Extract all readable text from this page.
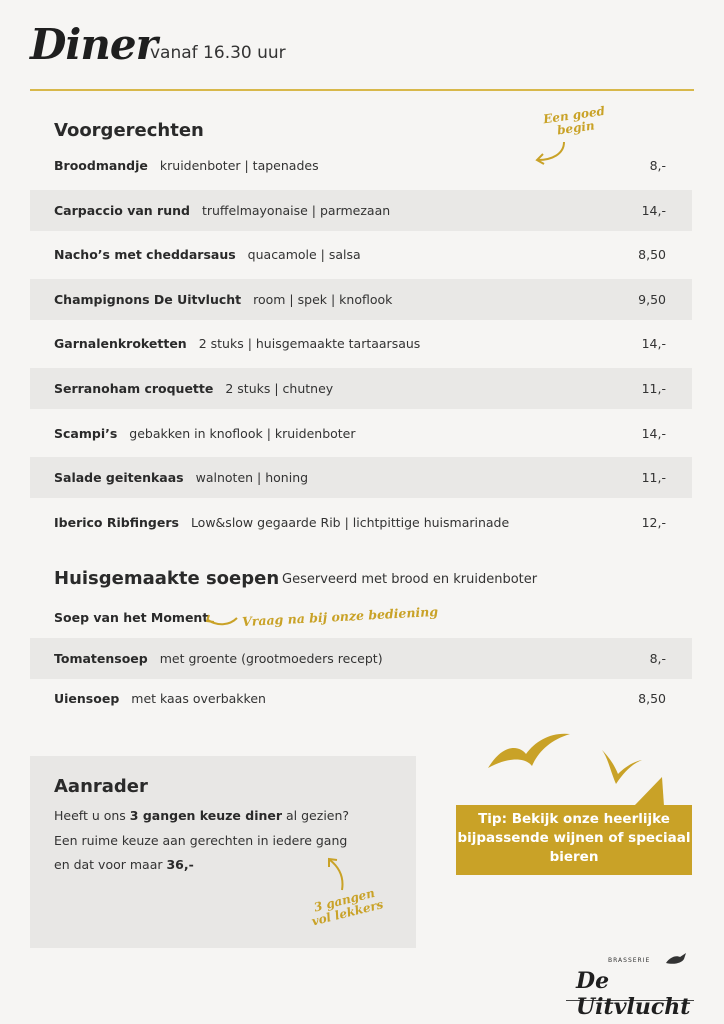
Diner
vanaf 16.30 uur
Voorgerechten
Een goed begin
Broodmandje kruidenboter | tapenades	8,-
Carpaccio van rund truffelmayonaise | parmezaan	14,-
Nacho’s met cheddarsaus quacamole | salsa	8,50
Champignons De Uitvlucht room | spek | knoflook	9,50
Garnalenkroketten 2 stuks | huisgemaakte tartaarsaus	14,-
Serranoham croquette 2 stuks | chutney	11,-
Scampi’s gebakken in knoflook | kruidenboter	14,-
Salade geitenkaas walnoten | honing	11,-
Iberico Ribfingers Low&slow gegaarde Rib | lichtpittige huismarinade	12,-
Huisgemaakte soepen Geserveerd met brood en kruidenboter
Soep van het Moment	Vraag na bij onze bediening
Tomatensoep met groente (grootmoeders recept)	8,-
Uiensoep met kaas overbakken	8,50
Aanrader
Heeft u ons 3 gangen keuze diner al gezien?
Een ruime keuze aan gerechten in iedere gang
en dat voor maar 36,-
3 gangen vol lekkers
Tip: Bekijk onze heerlijke bijpassende wijnen of speciaal bieren
BRASSERIE
De Uitvlucht
